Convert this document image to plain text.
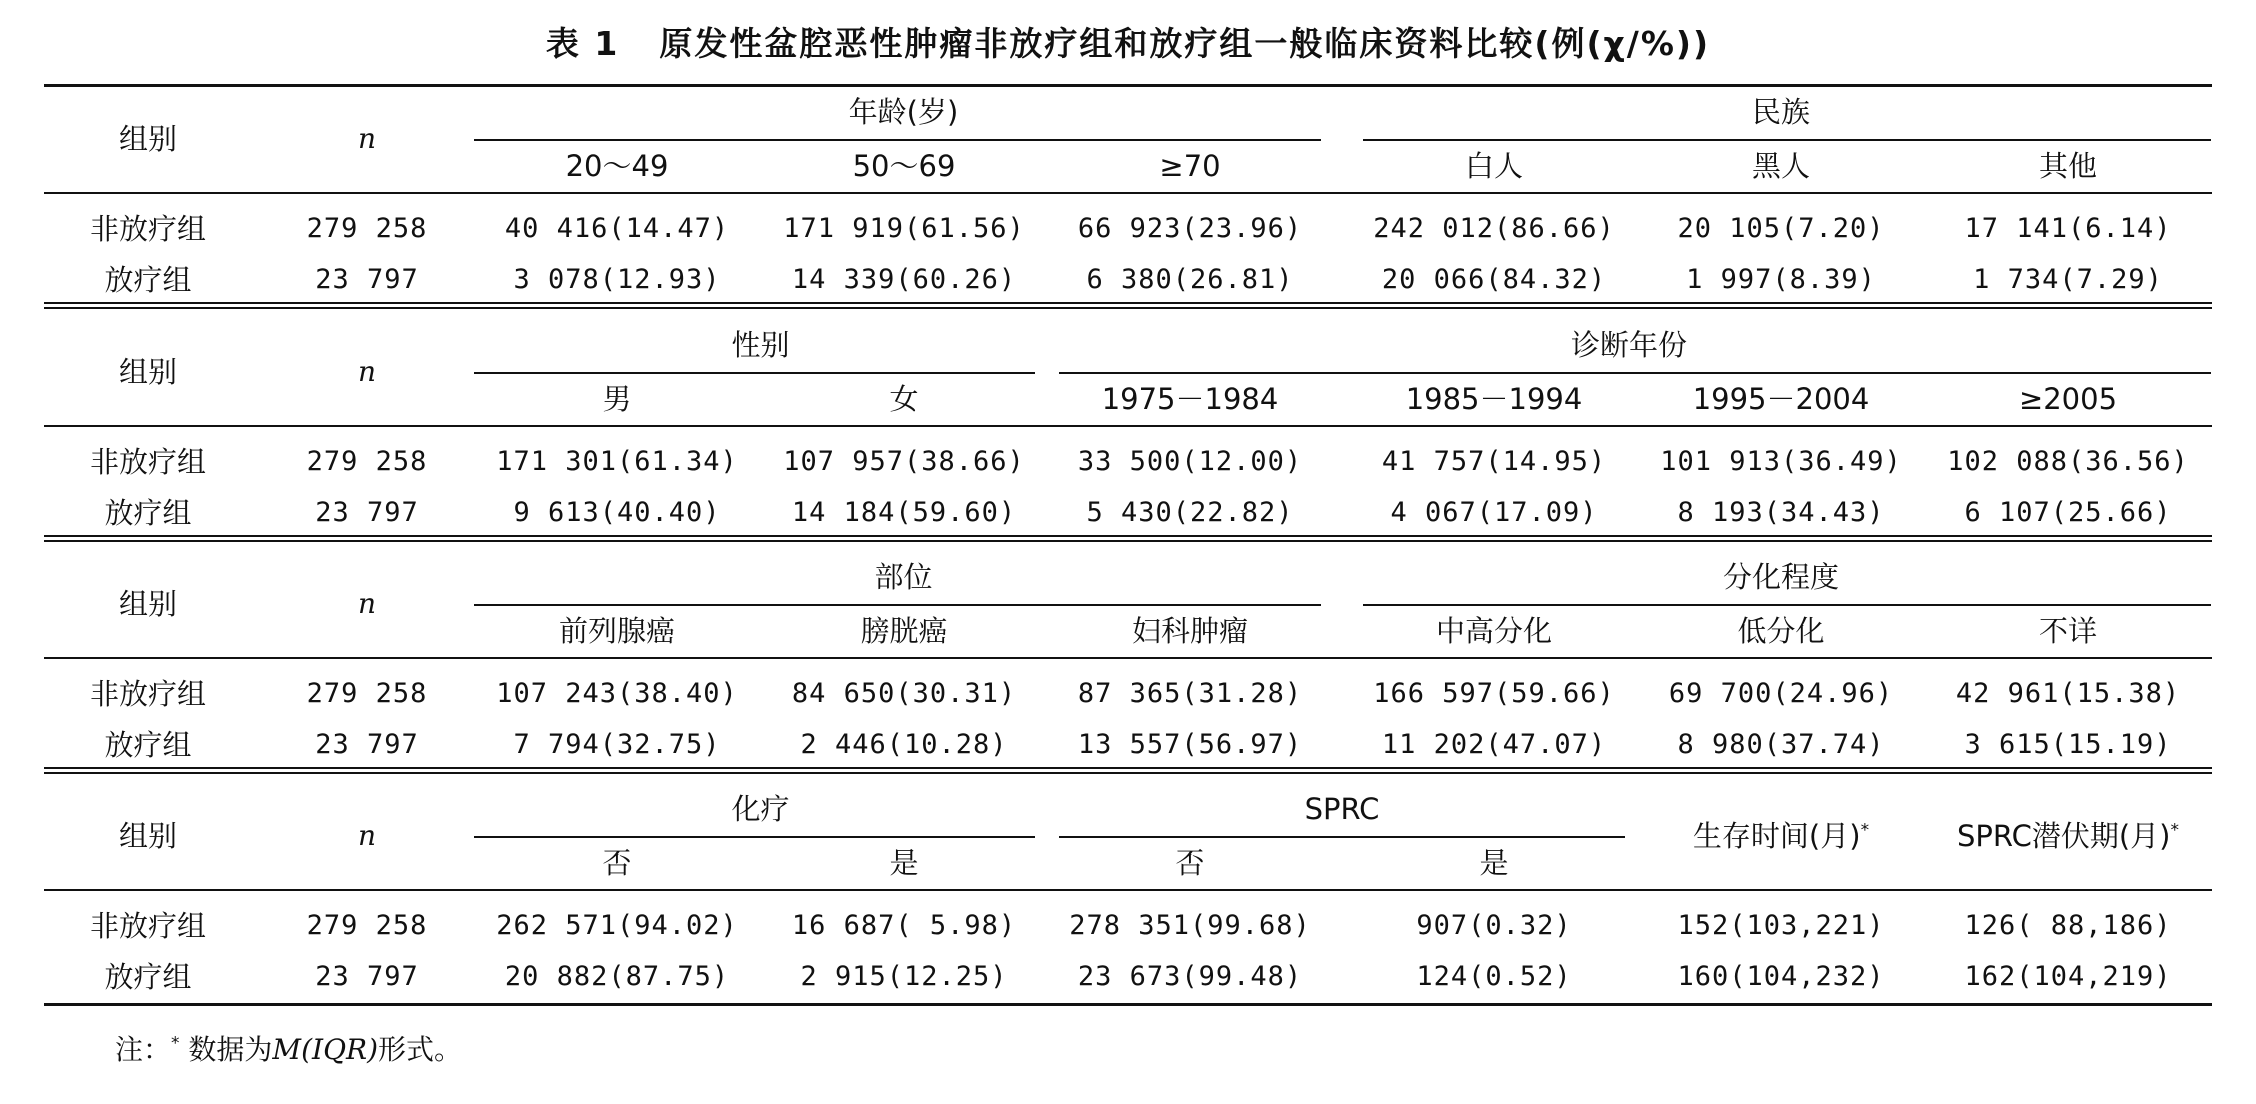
表 1 原发性盆腔恶性肿瘤非放疗组和放疗组一般临床资料比较(例(χ/%))
组别	n
年龄(岁)
20～49	50～69	≥70
民族
白人	黑人	其他
非放疗组	279 258	40 416(14.47)	171 919(61.56)	66 923(23.96)	242 012(86.66)	20 105(7.20)	17 141(6.14)
放疗组	23 797	3 078(12.93)	14 339(60.26)	6 380(26.81)	20 066(84.32)	1 997(8.39)	1 734(7.29)
组别	n
性别
男	女
诊断年份
1975－1984	1985－1994	1995－2004	≥2005
非放疗组	279 258	171 301(61.34)	107 957(38.66)	33 500(12.00)	41 757(14.95)	101 913(36.49)	102 088(36.56)
放疗组	23 797	9 613(40.40)	14 184(59.60)	5 430(22.82)	4 067(17.09)	8 193(34.43)	6 107(25.66)
组别	n
部位
前列腺癌	膀胱癌	妇科肿瘤
分化程度
中高分化	低分化	不详
非放疗组	279 258	107 243(38.40)	84 650(30.31)	87 365(31.28)	166 597(59.66)	69 700(24.96)	42 961(15.38)
放疗组	23 797	7 794(32.75)	2 446(10.28)	13 557(56.97)	11 202(47.07)	8 980(37.74)	3 615(15.19)
组别	n
化疗
否	是
SPRC
否	是
生存时间(月)*	SPRC潜伏期(月)*
非放疗组	279 258	262 571(94.02)	16 687( 5.98)	278 351(99.68)	907(0.32)	152(103,221)	126( 88,186)
放疗组	23 797	20 882(87.75)	2 915(12.25)	23 673(99.48)	124(0.52)	160(104,232)	162(104,219)
注：* 数据为M(IQR)形式。
